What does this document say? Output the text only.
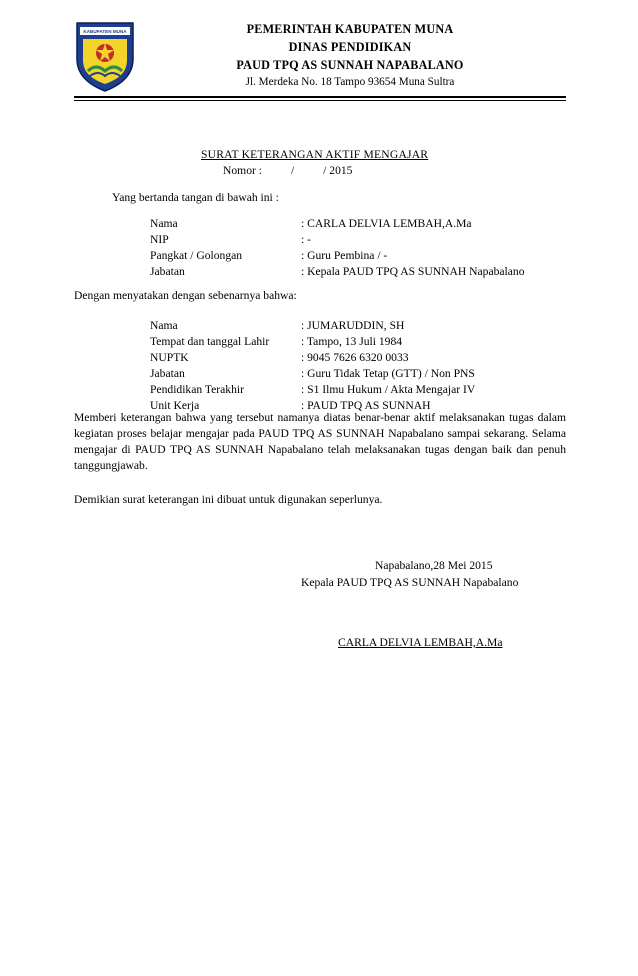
KABUPATEN MUNA	PEMERINTAH KABUPATEN MUNA
DINAS PENDIDIKAN
PAUD TPQ AS SUNNAH NAPABALANO
Jl. Merdeka No. 18 Tampo 93654 Muna Sultra
SURAT KETERANGAN AKTIF MENGAJAR
Nomor :          /          / 2015
Yang bertanda tangan di bawah ini :
Nama	: CARLA DELVIA LEMBAH,A.Ma
NIP	: -
Pangkat / Golongan	: Guru Pembina / -
Jabatan	: Kepala PAUD TPQ AS SUNNAH Napabalano
Dengan menyatakan dengan sebenarnya bahwa:
Nama	: JUMARUDDIN, SH
Tempat dan tanggal Lahir	: Tampo, 13 Juli 1984
NUPTK	: 9045 7626 6320 0033
Jabatan	: Guru Tidak Tetap (GTT) / Non PNS
Pendidikan Terakhir	: S1 Ilmu Hukum / Akta Mengajar IV
Unit Kerja	: PAUD TPQ AS SUNNAH
Memberi keterangan bahwa yang tersebut namanya diatas benar-benar aktif melaksanakan tugas dalam kegiatan proses belajar mengajar pada PAUD TPQ AS SUNNAH Napabalano sampai sekarang. Selama mengajar di PAUD TPQ AS SUNNAH Napabalano telah melaksanakan tugas dengan baik dan penuh tanggungjawab.
Demikian surat keterangan ini dibuat untuk digunakan seperlunya.
Napabalano,28 Mei 2015
Kepala PAUD TPQ AS SUNNAH Napabalano
CARLA DELVIA LEMBAH,A.Ma
